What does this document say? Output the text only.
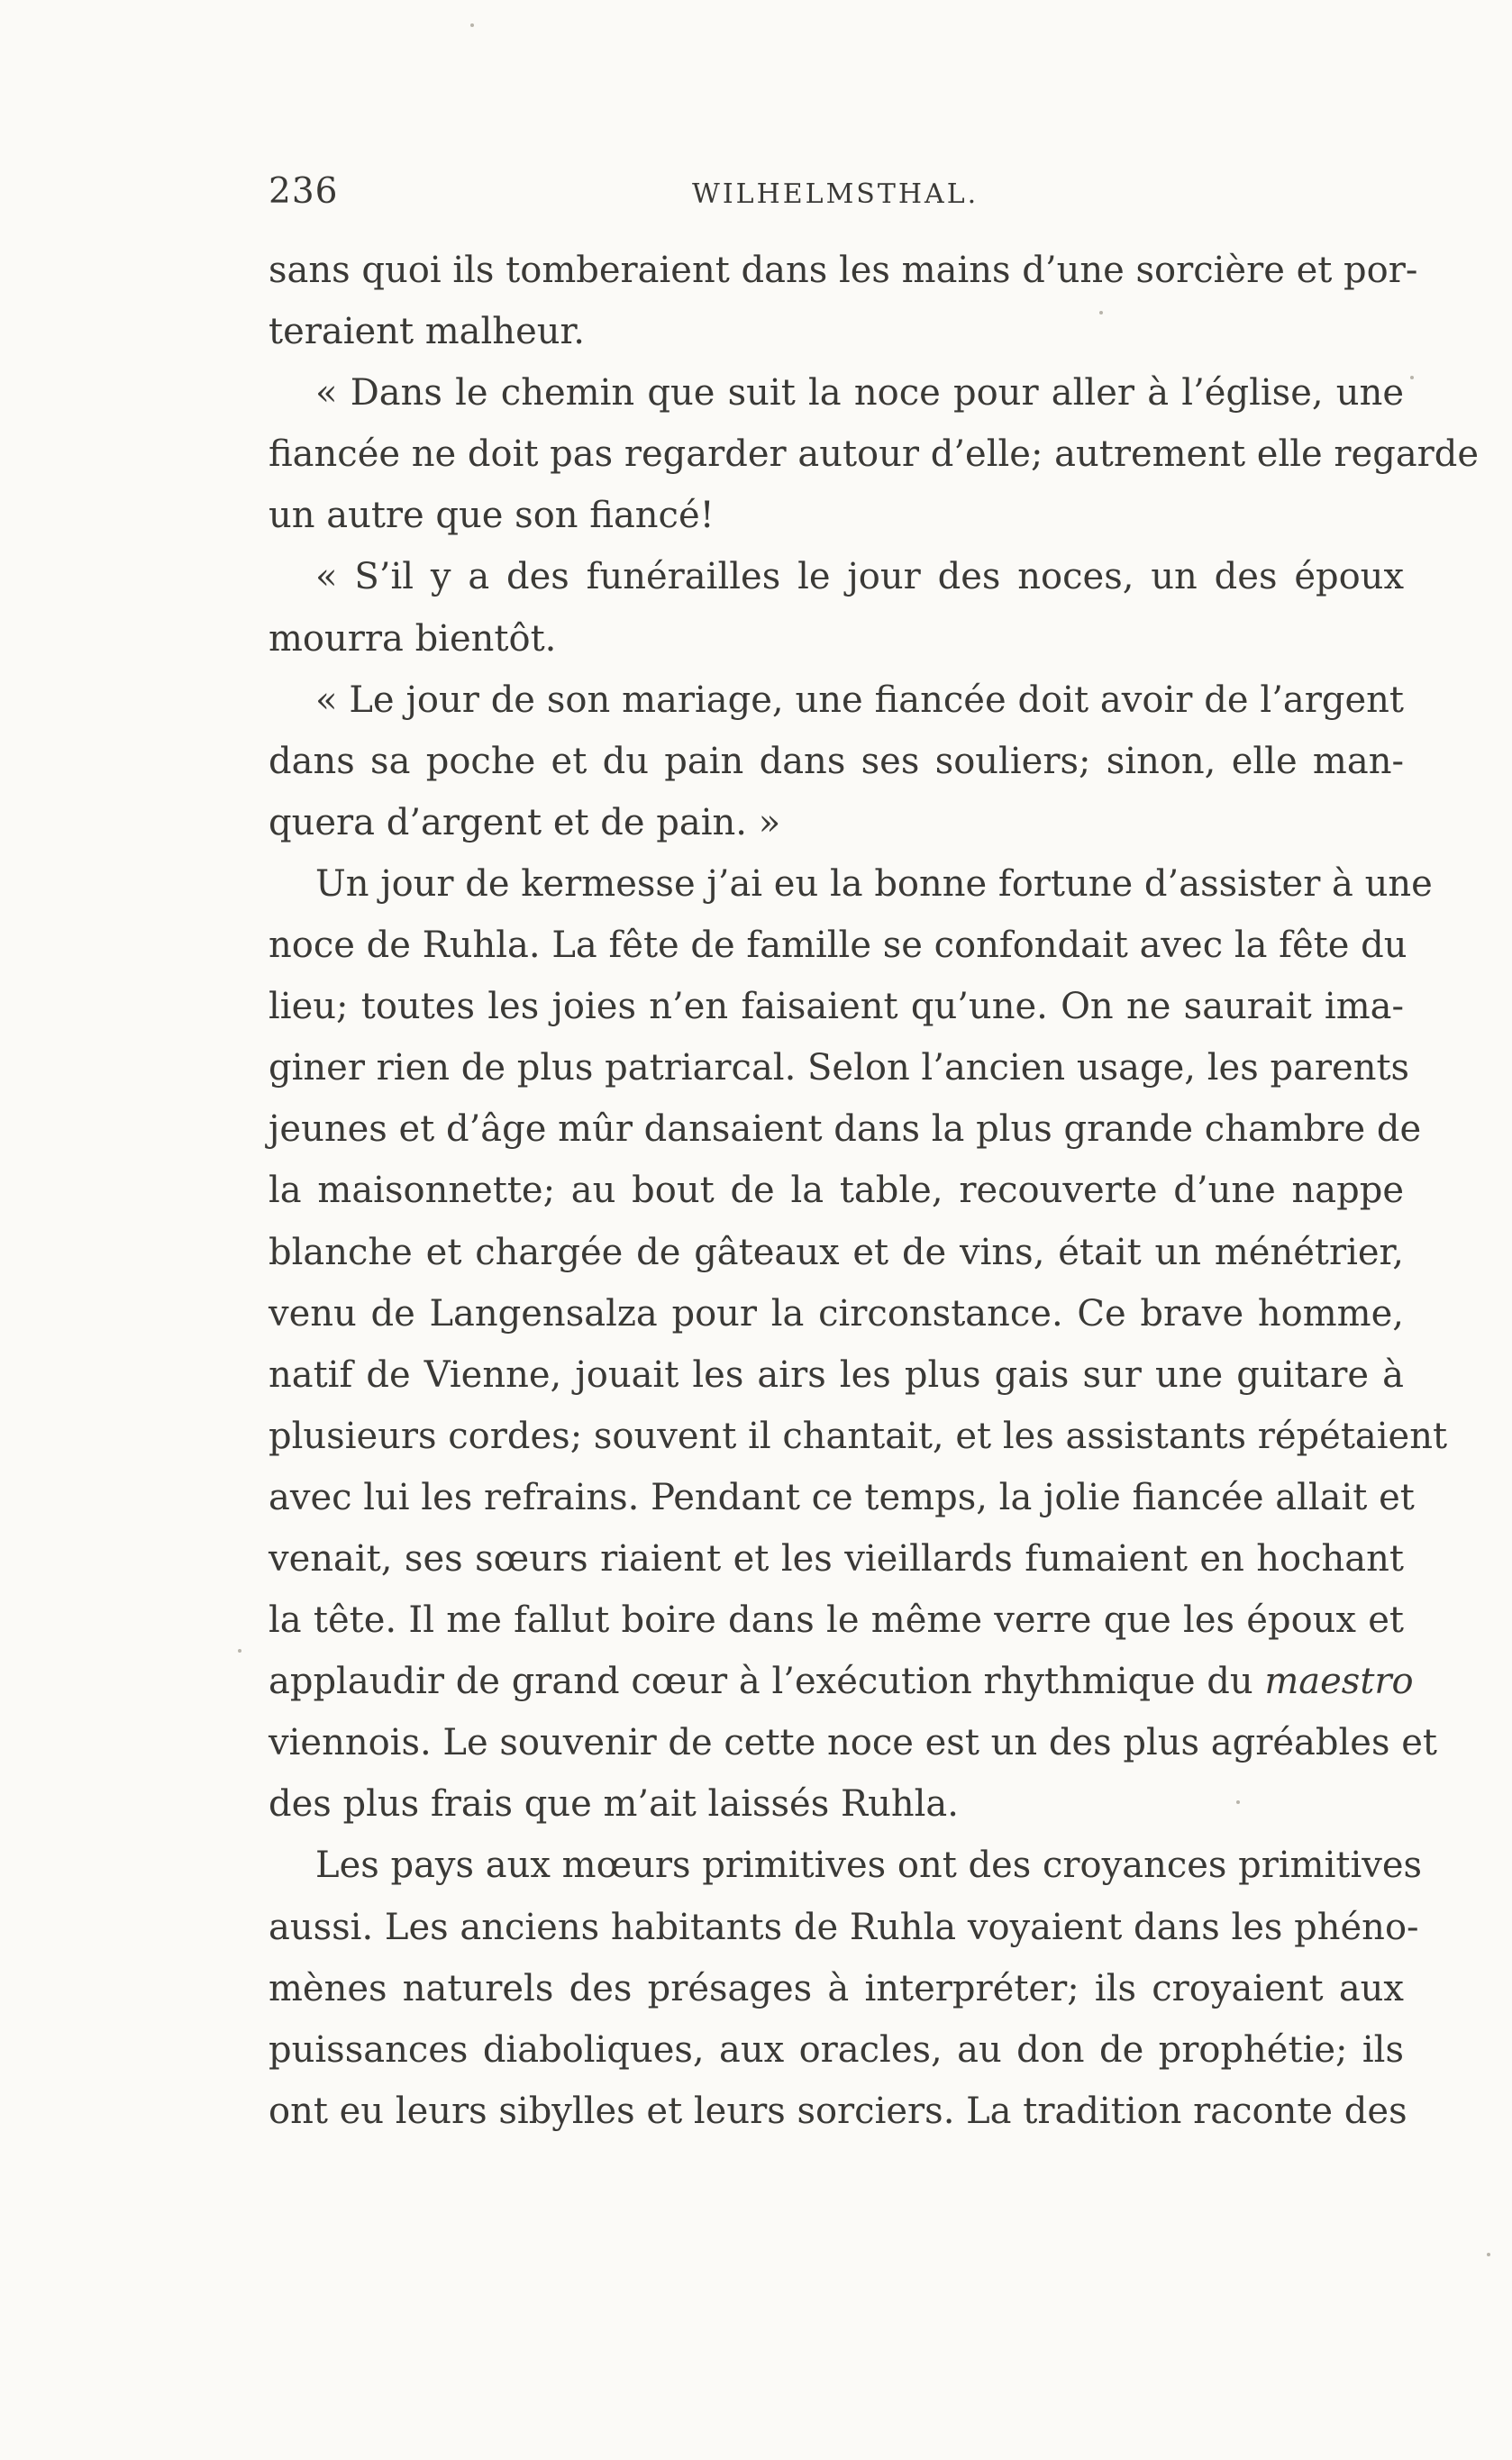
236	WILHELMSTHAL.
sans quoi ils tomberaient dans les mains d’une sorcière et por-
teraient malheur.
« Dans le chemin que suit la noce pour aller à l’église, une
fiancée ne doit pas regarder autour d’elle; autrement elle regarde
un autre que son fiancé!
« S’il y a des funérailles le jour des noces, un des époux
mourra bientôt.
« Le jour de son mariage, une fiancée doit avoir de l’argent
dans sa poche et du pain dans ses souliers; sinon, elle man-
quera d’argent et de pain. »
Un jour de kermesse j’ai eu la bonne fortune d’assister à une
noce de Ruhla. La fête de famille se confondait avec la fête du
lieu; toutes les joies n’en faisaient qu’une. On ne saurait ima-
giner rien de plus patriarcal. Selon l’ancien usage, les parents
jeunes et d’âge mûr dansaient dans la plus grande chambre de
la maisonnette; au bout de la table, recouverte d’une nappe
blanche et chargée de gâteaux et de vins, était un ménétrier,
venu de Langensalza pour la circonstance. Ce brave homme,
natif de Vienne, jouait les airs les plus gais sur une guitare à
plusieurs cordes; souvent il chantait, et les assistants répétaient
avec lui les refrains. Pendant ce temps, la jolie fiancée allait et
venait, ses sœurs riaient et les vieillards fumaient en hochant
la tête. Il me fallut boire dans le même verre que les époux et
applaudir de grand cœur à l’exécution rhythmique du maestro
viennois. Le souvenir de cette noce est un des plus agréables et
des plus frais que m’ait laissés Ruhla.
Les pays aux mœurs primitives ont des croyances primitives
aussi. Les anciens habitants de Ruhla voyaient dans les phéno-
mènes naturels des présages à interpréter; ils croyaient aux
puissances diaboliques, aux oracles, au don de prophétie; ils
ont eu leurs sibylles et leurs sorciers. La tradition raconte des
